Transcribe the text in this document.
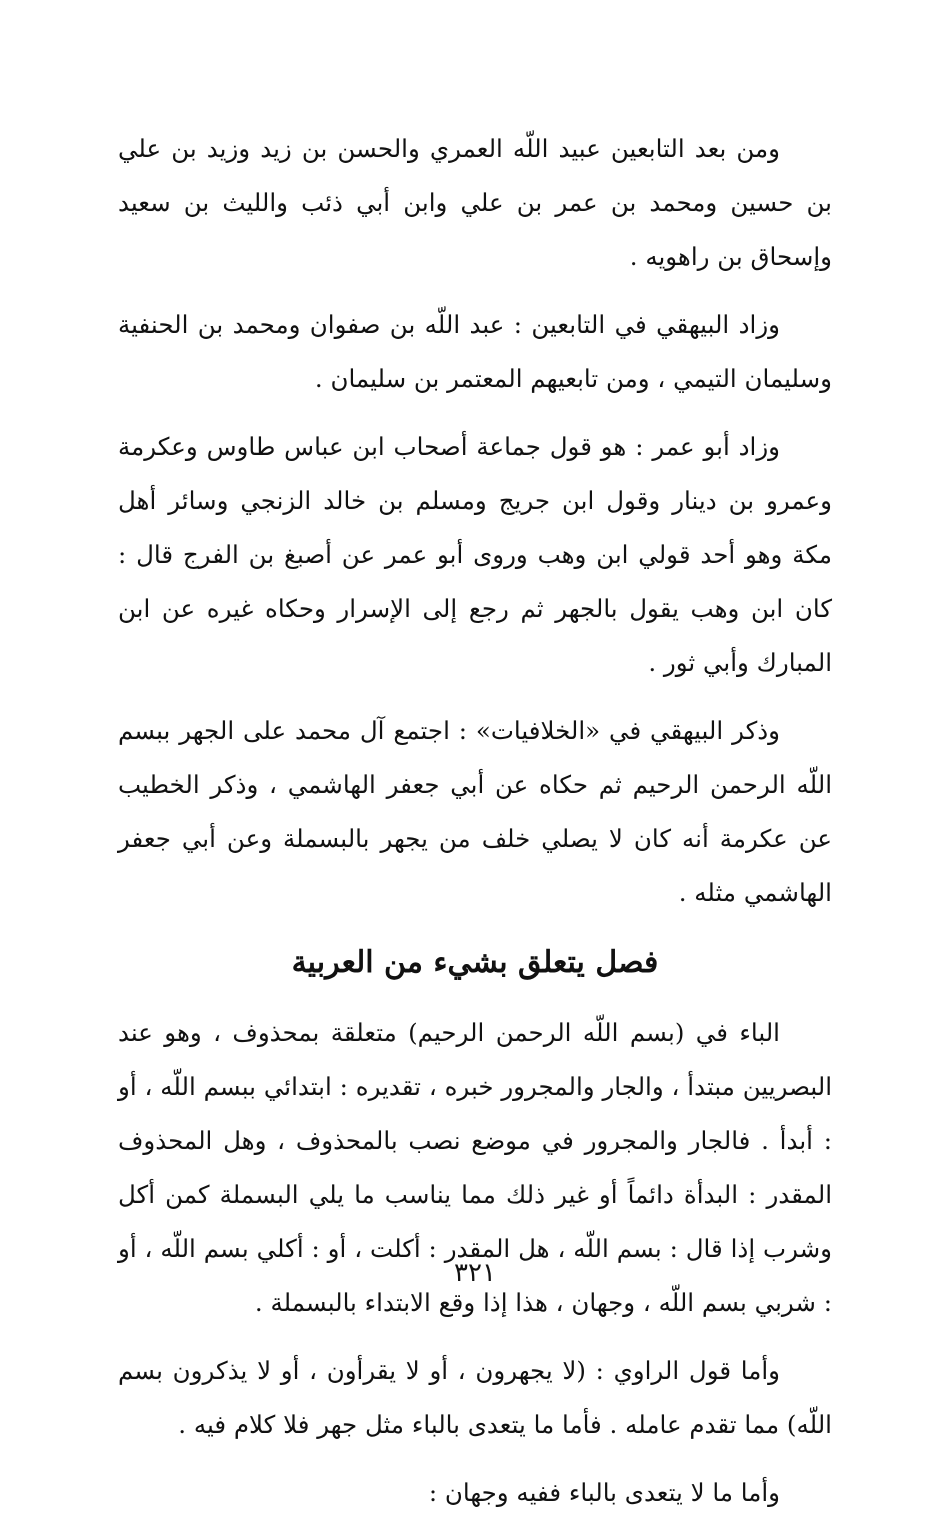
ومن بعد التابعين عبيد اللّه العمري والحسن بن زيد وزيد بن علي بن حسين ومحمد بن عمر بن علي وابن أبي ذئب والليث بن سعيد وإسحاق بن راهويه .

وزاد البيهقي في التابعين : عبد اللّه بن صفوان ومحمد بن الحنفية وسليمان التيمي ، ومن تابعيهم المعتمر بن سليمان .

وزاد أبو عمر : هو قول جماعة أصحاب ابن عباس طاوس وعكرمة وعمرو بن دينار وقول ابن جريج ومسلم بن خالد الزنجي وسائر أهل مكة وهو أحد قولي ابن وهب وروى أبو عمر عن أصبغ بن الفرج قال : كان ابن وهب يقول بالجهر ثم رجع إلى الإسرار وحكاه غيره عن ابن المبارك وأبي ثور .

وذكر البيهقي في «الخلافيات» : اجتمع آل محمد على الجهر ببسم اللّه الرحمن الرحيم ثم حكاه عن أبي جعفر الهاشمي ، وذكر الخطيب عن عكرمة أنه كان لا يصلي خلف من يجهر بالبسملة وعن أبي جعفر الهاشمي مثله .

فصل يتعلق بشيء من العربية

الباء في (بسم اللّه الرحمن الرحيم) متعلقة بمحذوف ، وهو عند البصريين مبتدأ ، والجار والمجرور خبره ، تقديره : ابتدائي ببسم اللّه ، أو : أبدأ . فالجار والمجرور في موضع نصب بالمحذوف ، وهل المحذوف المقدر : البدأة دائماً أو غير ذلك مما يناسب ما يلي البسملة كمن أكل وشرب إذا قال : بسم اللّه ، هل المقدر : أكلت ، أو : أكلي بسم اللّه ، أو : شربي بسم اللّه ، وجهان ، هذا إذا وقع الابتداء بالبسملة .

وأما قول الراوي : (لا يجهرون ، أو لا يقرأون ، أو لا يذكرون بسم اللّه) مما تقدم عامله . فأما ما يتعدى بالباء مثل جهر فلا كلام فيه .

وأما ما لا يتعدى بالباء ففيه وجهان :

٣٢١
